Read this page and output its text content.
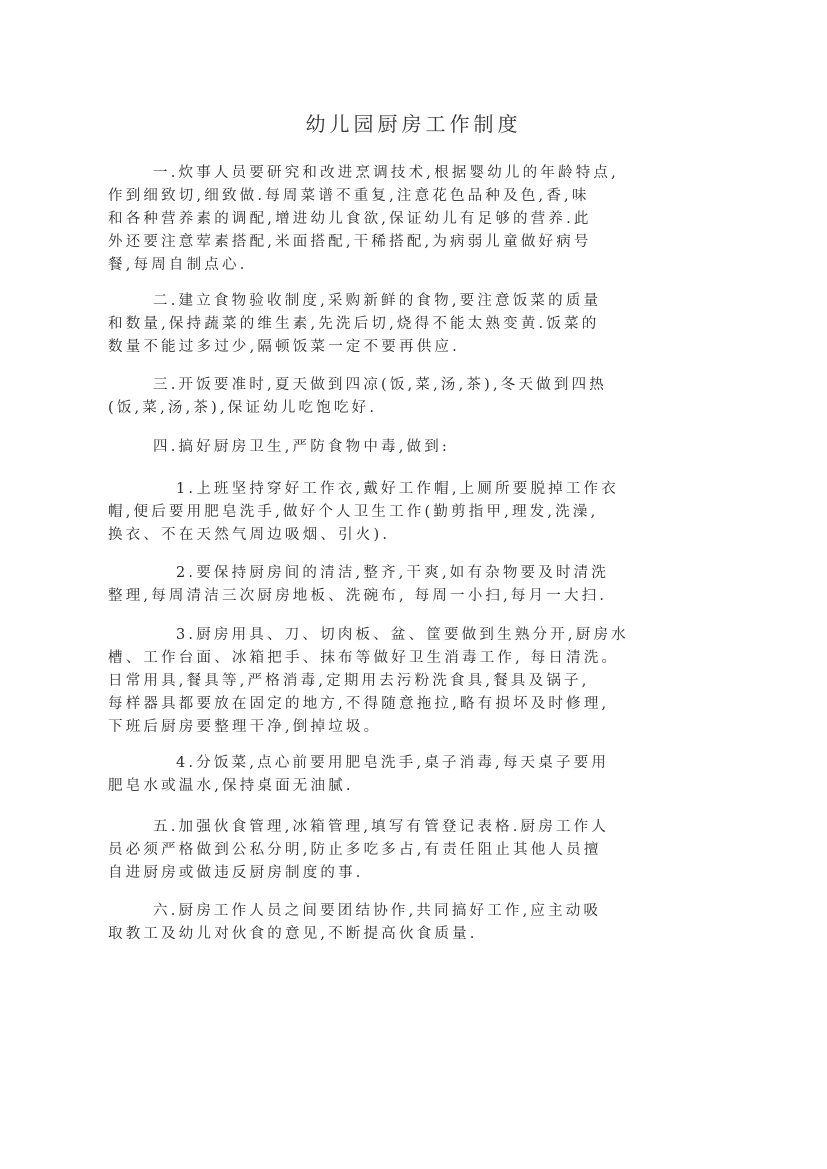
幼儿园厨房工作制度
一.炊事人员要研究和改进烹调技术,根据婴幼儿的年龄特点,
作到细致切,细致做.每周菜谱不重复,注意花色品种及色,香,味
和各种营养素的调配,增进幼儿食欲,保证幼儿有足够的营养.此
外还要注意荤素搭配,米面搭配,干稀搭配,为病弱儿童做好病号
餐,每周自制点心.
二.建立食物验收制度,采购新鲜的食物,要注意饭菜的质量
和数量,保持蔬菜的维生素,先洗后切,烧得不能太熟变黄.饭菜的
数量不能过多过少,隔顿饭菜一定不要再供应.
三.开饭要准时,夏天做到四凉(饭,菜,汤,茶),冬天做到四热
(饭,菜,汤,茶),保证幼儿吃饱吃好.
四.搞好厨房卫生,严防食物中毒,做到:
1.上班坚持穿好工作衣,戴好工作帽,上厕所要脱掉工作衣
帽,便后要用肥皂洗手,做好个人卫生工作(勤剪指甲,理发,洗澡,
换衣、不在天然气周边吸烟、引火).
2.要保持厨房间的清洁,整齐,干爽,如有杂物要及时清洗
整理,每周清洁三次厨房地板、洗碗布, 每周一小扫,每月一大扫.
3.厨房用具、刀、切肉板、盆、筐要做到生熟分开,厨房水
槽、工作台面、冰箱把手、抹布等做好卫生消毒工作, 每日清洗。
日常用具,餐具等,严格消毒,定期用去污粉洗食具,餐具及锅子,
每样器具都要放在固定的地方,不得随意拖拉,略有损坏及时修理,
下班后厨房要整理干净,倒掉垃圾。
4.分饭菜,点心前要用肥皂洗手,桌子消毒,每天桌子要用
肥皂水或温水,保持桌面无油腻.
五.加强伙食管理,冰箱管理,填写有管登记表格.厨房工作人
员必须严格做到公私分明,防止多吃多占,有责任阻止其他人员擅
自进厨房或做违反厨房制度的事.
六.厨房工作人员之间要团结协作,共同搞好工作,应主动吸
取教工及幼儿对伙食的意见,不断提高伙食质量.
